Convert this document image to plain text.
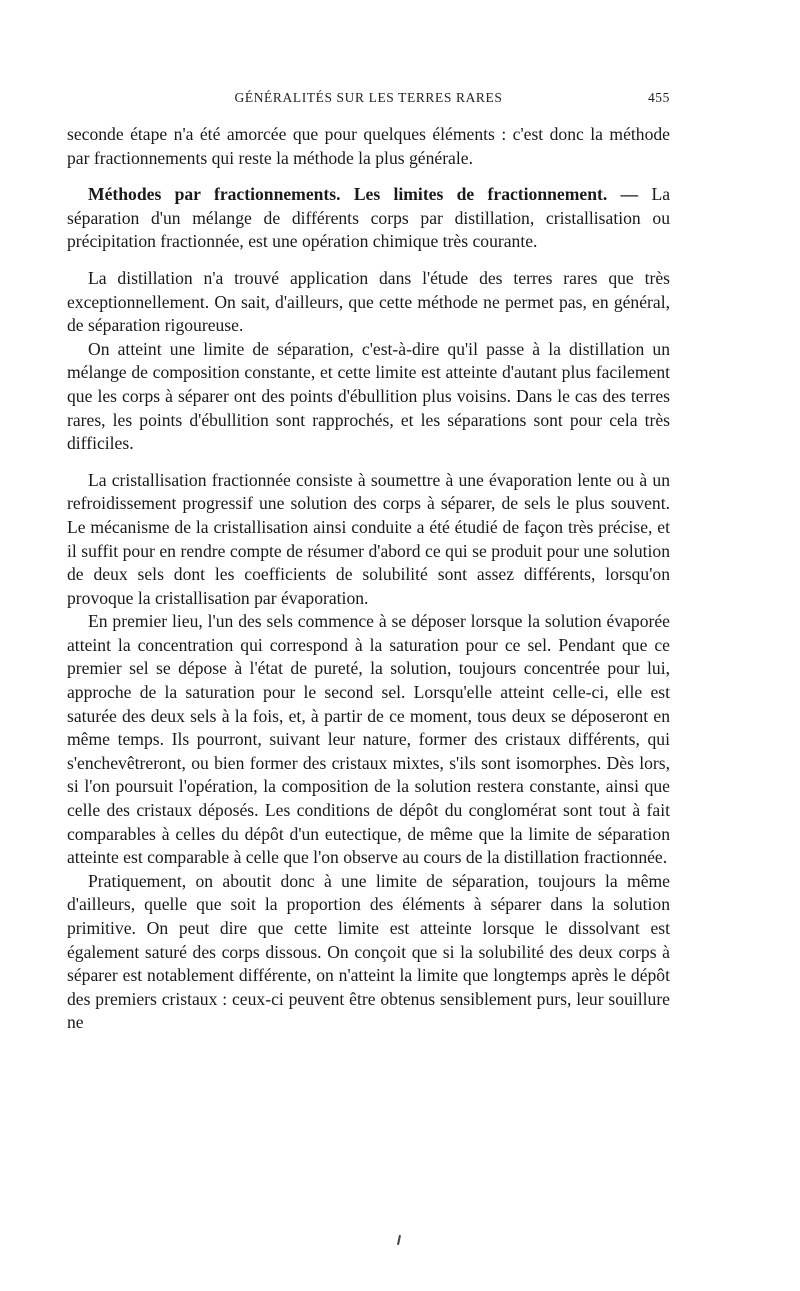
GÉNÉRALITÉS SUR LES TERRES RARES	455

seconde étape n'a été amorcée que pour quelques éléments : c'est donc la méthode par fractionnements qui reste la méthode la plus générale.

Méthodes par fractionnements. Les limites de fractionnement. — La séparation d'un mélange de différents corps par distillation, cristallisation ou précipitation fractionnée, est une opération chimique très courante.

La distillation n'a trouvé application dans l'étude des terres rares que très exceptionnellement. On sait, d'ailleurs, que cette méthode ne permet pas, en général, de séparation rigoureuse.

On atteint une limite de séparation, c'est-à-dire qu'il passe à la distillation un mélange de composition constante, et cette limite est atteinte d'autant plus facilement que les corps à séparer ont des points d'ébullition plus voisins. Dans le cas des terres rares, les points d'ébullition sont rapprochés, et les séparations sont pour cela très difficiles.

La cristallisation fractionnée consiste à soumettre à une évaporation lente ou à un refroidissement progressif une solution des corps à séparer, de sels le plus souvent. Le mécanisme de la cristallisation ainsi conduite a été étudié de façon très précise, et il suffit pour en rendre compte de résumer d'abord ce qui se produit pour une solution de deux sels dont les coefficients de solubilité sont assez différents, lorsqu'on provoque la cristallisation par évaporation.

En premier lieu, l'un des sels commence à se déposer lorsque la solution évaporée atteint la concentration qui correspond à la saturation pour ce sel. Pendant que ce premier sel se dépose à l'état de pureté, la solution, toujours concentrée pour lui, approche de la saturation pour le second sel. Lorsqu'elle atteint celle-ci, elle est saturée des deux sels à la fois, et, à partir de ce moment, tous deux se déposeront en même temps. Ils pourront, suivant leur nature, former des cristaux différents, qui s'enchevêtreront, ou bien former des cristaux mixtes, s'ils sont isomorphes. Dès lors, si l'on poursuit l'opération, la composition de la solution restera constante, ainsi que celle des cristaux déposés. Les conditions de dépôt du conglomérat sont tout à fait comparables à celles du dépôt d'un eutectique, de même que la limite de séparation atteinte est comparable à celle que l'on observe au cours de la distillation fractionnée.

Pratiquement, on aboutit donc à une limite de séparation, toujours la même d'ailleurs, quelle que soit la proportion des éléments à séparer dans la solution primitive. On peut dire que cette limite est atteinte lorsque le dissolvant est également saturé des corps dissous. On conçoit que si la solubilité des deux corps à séparer est notablement différente, on n'atteint la limite que longtemps après le dépôt des premiers cristaux : ceux-ci peuvent être obtenus sensiblement purs, leur souillure ne
